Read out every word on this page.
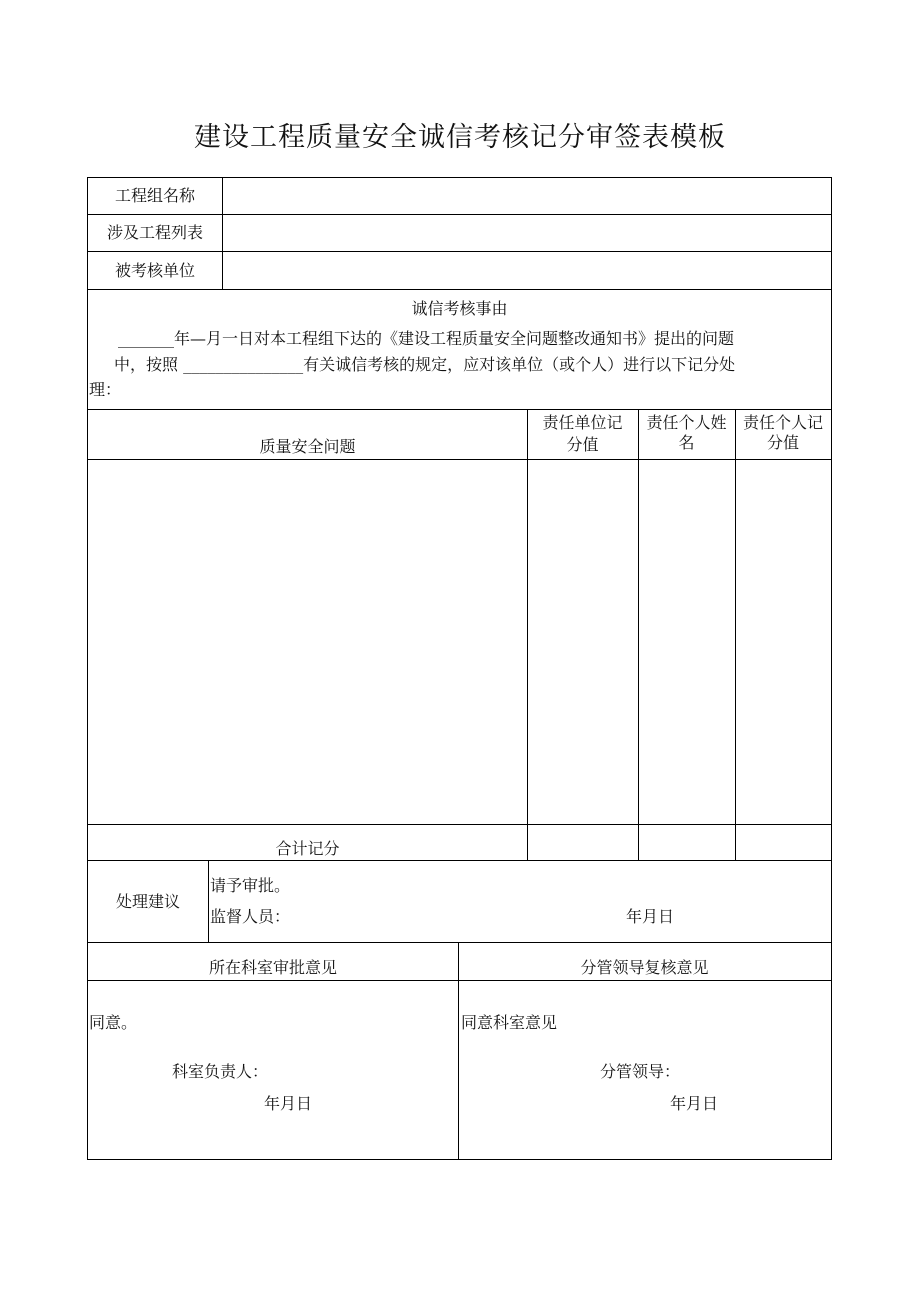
建设工程质量安全诚信考核记分审签表模板
工程组名称
涉及工程列表
被考核单位
诚信考核事由
_______年—月一日对本工程组下达的《建设工程质量安全问题整改通知书》提出的问题
中，按照 _______________有关诚信考核的规定，应对该单位（或个人）进行以下记分处
理：
质量安全问题
责任单位记
分值
责任个人姓
名
责任个人记
分值
合计记分
处理建议
请予审批。
监督人员：	年月日
所在科室审批意见	分管领导复核意见
同意。
科室负责人：
年月日
同意科室意见
分管领导：
年月日
